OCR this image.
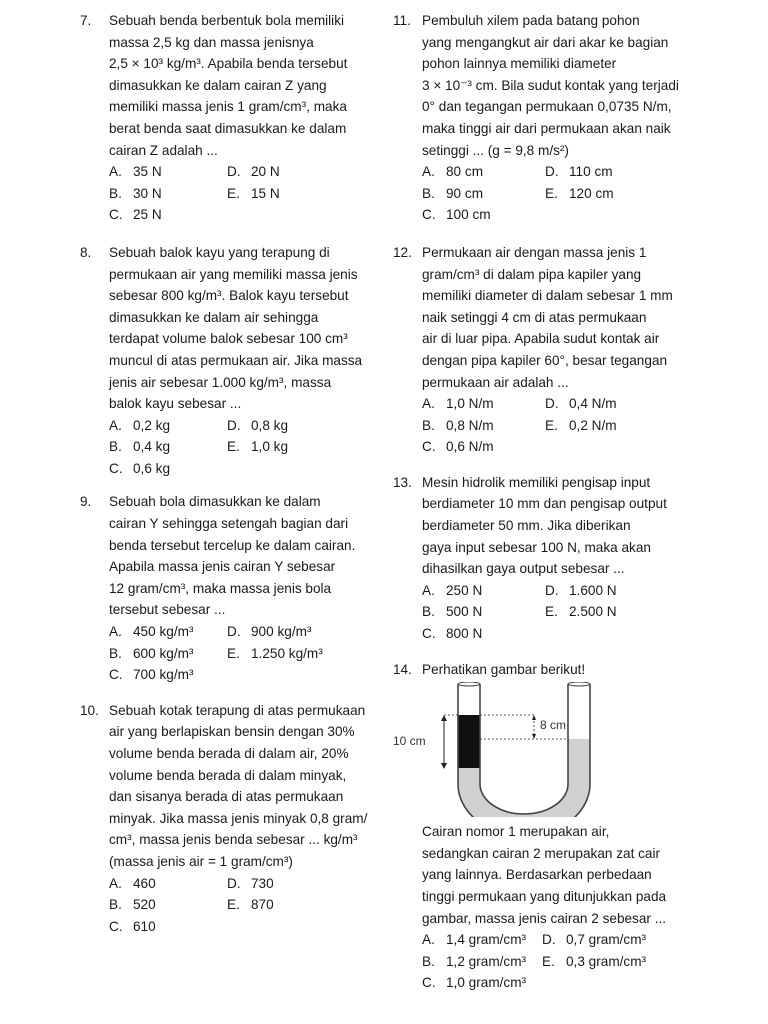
7. Sebuah benda berbentuk bola memiliki
massa 2,5 kg dan massa jenisnya
2,5 × 10³ kg/m³. Apabila benda tersebut
dimasukkan ke dalam cairan Z yang
memiliki massa jenis 1 gram/cm³, maka
berat benda saat dimasukkan ke dalam
cairan Z adalah ...
A. 35 N	D. 20 N
B. 30 N	E. 15 N
C. 25 N
8. Sebuah balok kayu yang terapung di
permukaan air yang memiliki massa jenis
sebesar 800 kg/m³. Balok kayu tersebut
dimasukkan ke dalam air sehingga
terdapat volume balok sebesar 100 cm³
muncul di atas permukaan air. Jika massa
jenis air sebesar 1.000 kg/m³, massa
balok kayu sebesar ...
A. 0,2 kg	D. 0,8 kg
B. 0,4 kg	E. 1,0 kg
C. 0,6 kg
9. Sebuah bola dimasukkan ke dalam
cairan Y sehingga setengah bagian dari
benda tersebut tercelup ke dalam cairan.
Apabila massa jenis cairan Y sebesar
12 gram/cm³, maka massa jenis bola
tersebut sebesar ...
A. 450 kg/m³	D. 900 kg/m³
B. 600 kg/m³	E. 1.250 kg/m³
C. 700 kg/m³
10. Sebuah kotak terapung di atas permukaan
air yang berlapiskan bensin dengan 30%
volume benda berada di dalam air, 20%
volume benda berada di dalam minyak,
dan sisanya berada di atas permukaan
minyak. Jika massa jenis minyak 0,8 gram/
cm³, massa jenis benda sebesar ... kg/m³
(massa jenis air = 1 gram/cm³)
A. 460	D. 730
B. 520	E. 870
C. 610
11. Pembuluh xilem pada batang pohon
yang mengangkut air dari akar ke bagian
pohon lainnya memiliki diameter
3 × 10⁻³ cm. Bila sudut kontak yang terjadi
0° dan tegangan permukaan 0,0735 N/m,
maka tinggi air dari permukaan akan naik
setinggi ... (g = 9,8 m/s²)
A. 80 cm	D. 110 cm
B. 90 cm	E. 120 cm
C. 100 cm
12. Permukaan air dengan massa jenis 1
gram/cm³ di dalam pipa kapiler yang
memiliki diameter di dalam sebesar 1 mm
naik setinggi 4 cm di atas permukaan
air di luar pipa. Apabila sudut kontak air
dengan pipa kapiler 60°, besar tegangan
permukaan air adalah ...
A. 1,0 N/m	D. 0,4 N/m
B. 0,8 N/m	E. 0,2 N/m
C. 0,6 N/m
13. Mesin hidrolik memiliki pengisap input
berdiameter 10 mm dan pengisap output
berdiameter 50 mm. Jika diberikan
gaya input sebesar 100 N, maka akan
dihasilkan gaya output sebesar ...
A. 250 N	D. 1.600 N
B. 500 N	E. 2.500 N
C. 800 N
14. Perhatikan gambar berikut!
10 cm
8 cm
Cairan nomor 1 merupakan air,
sedangkan cairan 2 merupakan zat cair
yang lainnya. Berdasarkan perbedaan
tinggi permukaan yang ditunjukkan pada
gambar, massa jenis cairan 2 sebesar ...
A. 1,4 gram/cm³	D. 0,7 gram/cm³
B. 1,2 gram/cm³	E. 0,3 gram/cm³
C. 1,0 gram/cm³
